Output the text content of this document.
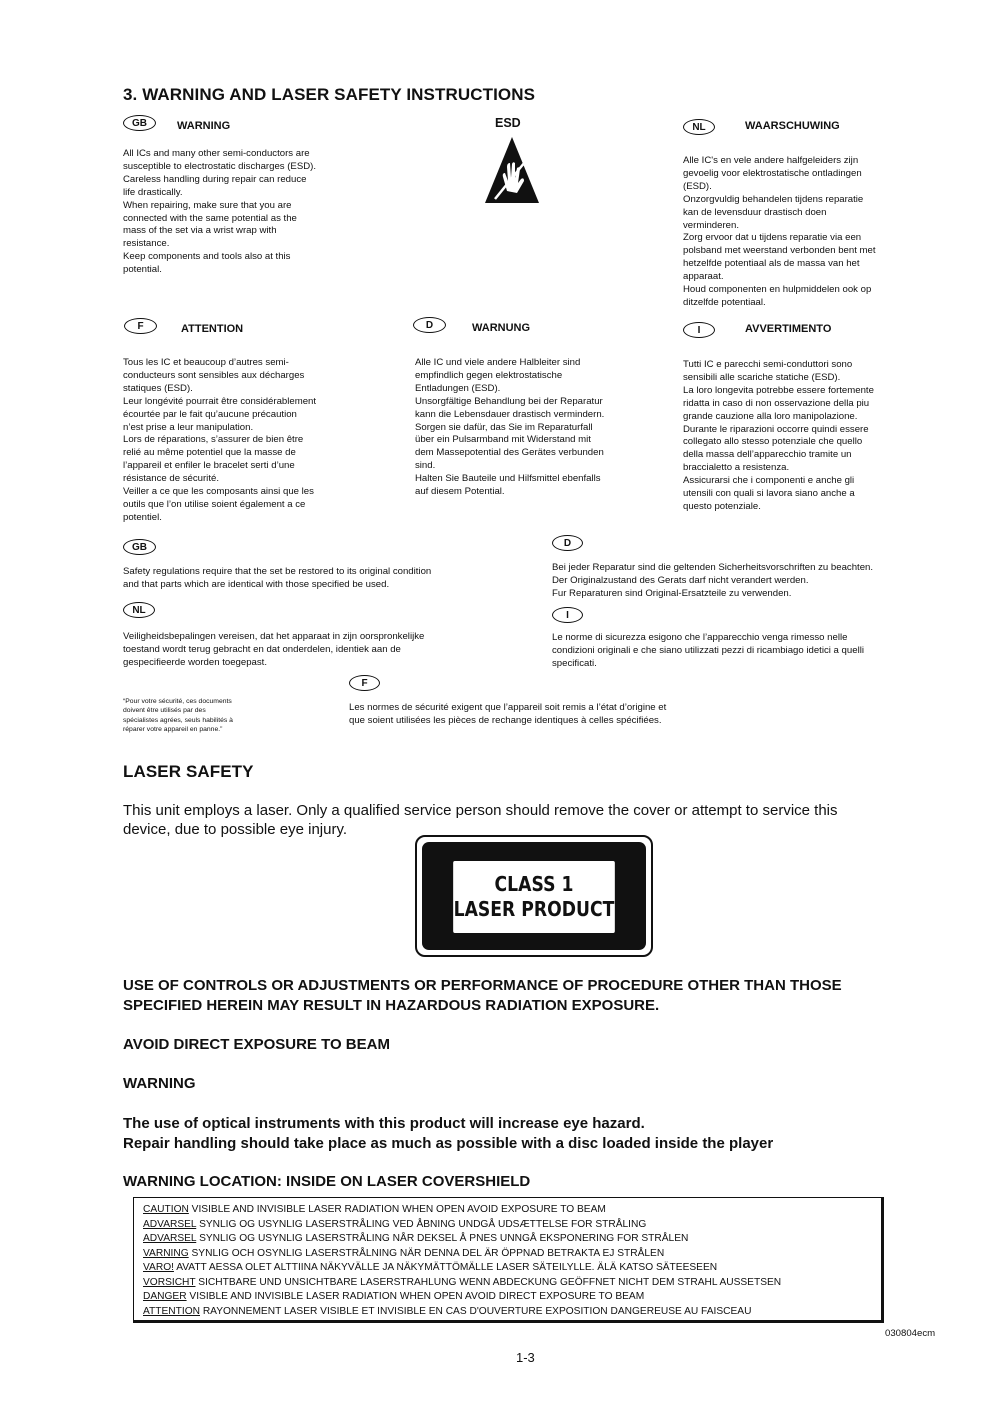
3. WARNING AND LASER SAFETY INSTRUCTIONS
ESD
GB	WARNING
All ICs and many other semi-conductors are
susceptible to electrostatic discharges (ESD).
Careless handling during repair can reduce
life drastically.
When repairing, make sure that you are
connected with the same potential as the
mass of the set via a wrist wrap with
resistance.
Keep components and tools also at this
potential.
NL	WAARSCHUWING
Alle IC's en vele andere halfgeleiders zijn
gevoelig voor elektrostatische ontladingen
(ESD).
Onzorgvuldig behandelen tijdens reparatie
kan de levensduur drastisch doen
verminderen.
Zorg ervoor dat u tijdens reparatie via een
polsband met weerstand verbonden bent met
hetzelfde potentiaal als de massa van het
apparaat.
Houd componenten en hulpmiddelen ook op
ditzelfde potentiaal.
F	ATTENTION
Tous les IC et beaucoup d’autres semi-
conducteurs sont sensibles aux décharges
statiques (ESD).
Leur longévité pourrait être considérablement
écourtée par le fait qu’aucune précaution
n’est prise a leur manipulation.
Lors de réparations, s’assurer de bien être
relié au même potentiel que la masse de
l’appareil et enfiler le bracelet serti d’une
résistance de sécurité.
Veiller a ce que les composants ainsi que les
outils que l’on utilise soient également a ce
potentiel.
D	WARNUNG
Alle IC und viele andere Halbleiter sind
empfindlich gegen elektrostatische
Entladungen (ESD).
Unsorgfältige Behandlung bei der Reparatur
kann die Lebensdauer drastisch vermindern.
Sorgen sie dafür, das Sie im Reparaturfall
über ein Pulsarmband mit Widerstand mit
dem Massepotential des Gerätes verbunden
sind.
Halten Sie Bauteile und Hilfsmittel ebenfalls
auf diesem Potential.
I	AVVERTIMENTO
Tutti IC e parecchi semi-conduttori sono
sensibili alle scariche statiche (ESD).
La loro longevita potrebbe essere fortemente
ridatta in caso di non osservazione della piu
grande cauzione alla loro manipolazione.
Durante le riparazioni occorre quindi essere
collegato allo stesso potenziale che quello
della massa dell’apparecchio tramite un
braccialetto a resistenza.
Assicurarsi che i componenti e anche gli
utensili con quali si lavora siano anche a
questo potenziale.
GB
Safety regulations require that the set be restored to its original condition
and that parts which are identical with those specified be used.
NL
Veiligheidsbepalingen vereisen, dat het apparaat in zijn oorspronkelijke
toestand wordt terug gebracht en dat onderdelen, identiek aan de
gespecifieerde worden toegepast.
D
Bei jeder Reparatur sind die geltenden Sicherheitsvorschriften zu beachten.
Der Originalzustand des Gerats darf nicht verandert werden.
Fur Reparaturen sind Original-Ersatzteile zu verwenden.
I
Le norme di sicurezza esigono che l’apparecchio venga rimesso nelle
condizioni originali e che siano utilizzati pezzi di ricambiago idetici a quelli
specificati.
F
Les normes de sécurité exigent que l’appareil soit remis a l’état d’origine et
que soient utilisées les pièces de rechange identiques à celles spécifiées.
“Pour votre sécurité, ces documents
doivent être utilisés par des
spécialistes agrées, seuls habilités à
réparer votre appareil en panne.”
LASER SAFETY
This unit employs a laser. Only a qualified service person should remove the cover or attempt to service this
device, due to possible eye injury.
CLASS 1
LASER PRODUCT
USE OF CONTROLS OR ADJUSTMENTS OR PERFORMANCE OF PROCEDURE OTHER THAN THOSE
SPECIFIED HEREIN MAY RESULT IN HAZARDOUS RADIATION EXPOSURE.
AVOID DIRECT EXPOSURE TO BEAM
WARNING
The use of optical instruments with this product will increase eye hazard.
Repair handling should take place as much as possible with a disc loaded inside the player
WARNING LOCATION: INSIDE ON LASER COVERSHIELD
CAUTION VISIBLE AND INVISIBLE LASER RADIATION WHEN OPEN AVOID EXPOSURE TO BEAM
ADVARSEL SYNLIG OG USYNLIG LASERSTRÅLING VED ÅBNING UNDGÅ UDSÆTTELSE FOR STRÅLING
ADVARSEL SYNLIG OG USYNLIG LASERSTRÅLING NÅR DEKSEL Å PNES UNNGÅ EKSPONERING FOR STRÅLEN
VARNING SYNLIG OCH OSYNLIG LASERSTRÅLNING NÄR DENNA DEL ÄR ÖPPNAD BETRAKTA EJ STRÅLEN
VARO! AVATT AESSA OLET ALTTIINA NÄKYVÄLLE JA NÄKYMÄTTÖMÄLLE LASER SÄTEILYLLE. ÄLÄ KATSO SÄTEESEEN
VORSICHT SICHTBARE UND UNSICHTBARE LASERSTRAHLUNG WENN ABDECKUNG GEÖFFNET NICHT DEM STRAHL AUSSETSEN
DANGER VISIBLE AND INVISIBLE LASER RADIATION WHEN OPEN AVOID DIRECT EXPOSURE TO BEAM
ATTENTION RAYONNEMENT LASER VISIBLE ET INVISIBLE EN CAS D'OUVERTURE EXPOSITION DANGEREUSE AU FAISCEAU
030804ecm
1-3
